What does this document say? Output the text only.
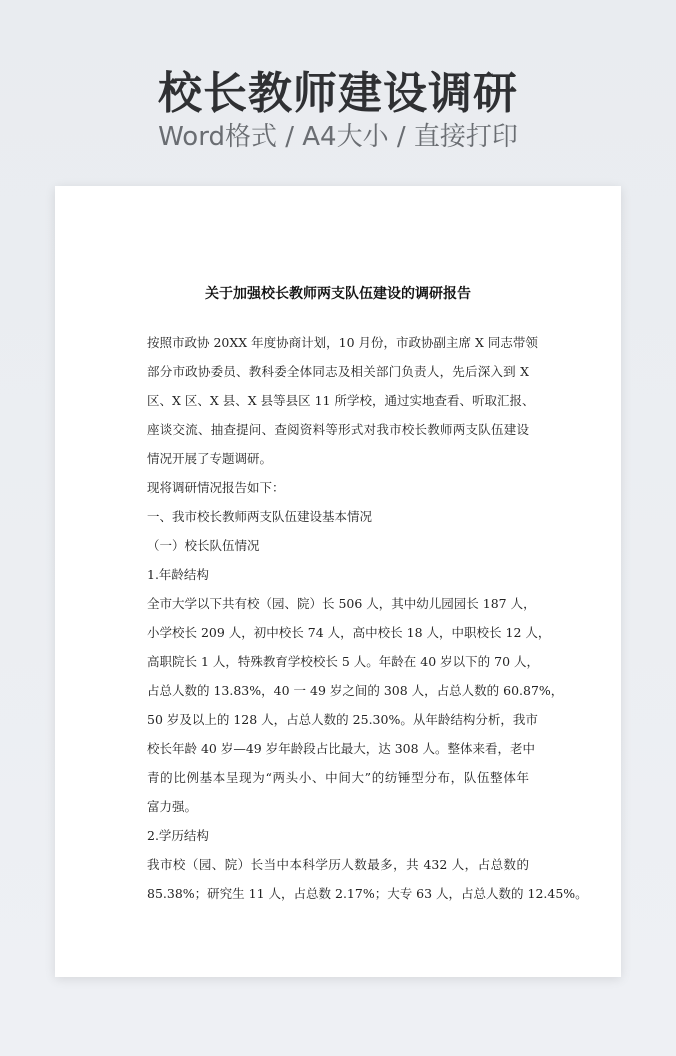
校长教师建设调研
Word格式 / A4大小 / 直接打印
关于加强校长教师两支队伍建设的调研报告
按照市政协 20XX 年度协商计划，10 月份，市政协副主席 X 同志带领
部分市政协委员、教科委全体同志及相关部门负责人，先后深入到 X
区、X 区、X 县、X 县等县区 11 所学校，通过实地查看、听取汇报、
座谈交流、抽查提问、查阅资料等形式对我市校长教师两支队伍建设
情况开展了专题调研。
现将调研情况报告如下：
一、我市校长教师两支队伍建设基本情况
（一）校长队伍情况
1.年龄结构
全市大学以下共有校（园、院）长 506 人，其中幼儿园园长 187 人，
小学校长 209 人，初中校长 74 人，高中校长 18 人，中职校长 12 人，
高职院长 1 人，特殊教育学校校长 5 人。年龄在 40 岁以下的 70 人，
占总人数的 13.83%，40 一 49 岁之间的 308 人，占总人数的 60.87%，
50 岁及以上的 128 人，占总人数的 25.30%。从年龄结构分析，我市
校长年龄 40 岁—49 岁年龄段占比最大，达 308 人。整体来看，老中
青的比例基本呈现为“两头小、中间大”的纺锤型分布，队伍整体年
富力强。
2.学历结构
我市校（园、院）长当中本科学历人数最多，共 432 人，占总数的
85.38%；研究生 11 人，占总数 2.17%；大专 63 人，占总人数的 12.45%。
